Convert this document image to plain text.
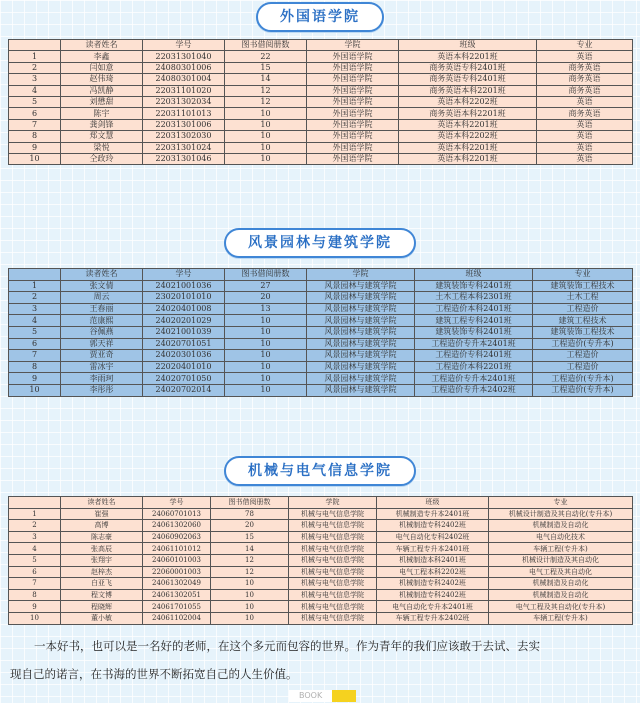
外国语学院
	读者姓名	学号	图书借阅册数	学院	班级	专业
1	李鑫	22031301040	22	外国语学院	英语本科2201班	英语
2	闫如意	24080301006	15	外国语学院	商务英语专科2401班	商务英语
3	赵伟琦	24080301004	14	外国语学院	商务英语专科2401班	商务英语
4	冯凯静	22031101020	12	外国语学院	商务英语本科2201班	商务英语
5	刘懋甜	22031302034	12	外国语学院	英语本科2202班	英语
6	陈宇	22031101013	10	外国语学院	商务英语本科2201班	商务英语
7	龚剑锋	22031301006	10	外国语学院	英语本科2201班	英语
8	郑文慧	22031302030	10	外国语学院	英语本科2202班	英语
9	梁悦	22031301024	10	外国语学院	英语本科2201班	英语
10	仝政玲	22031301046	10	外国语学院	英语本科2201班	英语
风景园林与建筑学院
	读者姓名	学号	图书借阅册数	学院	班级	专业
1	张文倩	24021001036	27	风景园林与建筑学院	建筑装饰专科2401班	建筑装饰工程技术
2	周云	23020101010	20	风景园林与建筑学院	土木工程本科2301班	土木工程
3	王春丽	24020401008	13	风景园林与建筑学院	工程造价本科2401班	工程造价
4	范康熙	24020201029	10	风景园林与建筑学院	建筑工程专科2401班	建筑工程技术
5	谷佩燕	24021001039	10	风景园林与建筑学院	建筑装饰专科2401班	建筑装饰工程技术
6	郭天祥	24020701051	10	风景园林与建筑学院	工程造价专升本2401班	工程造价(专升本)
7	贾亚奇	24020301036	10	风景园林与建筑学院	工程造价专科2401班	工程造价
8	雷冰宇	22020401010	10	风景园林与建筑学院	工程造价本科2201班	工程造价
9	李雨珂	24020701050	10	风景园林与建筑学院	工程造价专升本2401班	工程造价(专升本)
10	李彤彤	24020702014	10	风景园林与建筑学院	工程造价专升本2402班	工程造价(专升本)
机械与电气信息学院
	读者姓名	学号	图书借阅册数	学院	班级	专业
1	崔强	24060701013	78	机械与电气信息学院	机械制造专升本2401班	机械设计制造及其自动化(专升本)
2	高博	24061302060	20	机械与电气信息学院	机械制造专科2402班	机械制造及自动化
3	陈志豪	24060902063	15	机械与电气信息学院	电气自动化专科2402班	电气自动化技术
4	张高辰	24061101012	14	机械与电气信息学院	车辆工程专升本2401班	车辆工程(专升本)
5	张翔宇	24060101003	12	机械与电气信息学院	机械制造本科2401班	机械设计制造及其自动化
6	赵梓杰	22060001003	12	机械与电气信息学院	电气工程本科2202班	电气工程及其自动化
7	白亚飞	24061302049	10	机械与电气信息学院	机械制造专科2402班	机械制造及自动化
8	程文博	24061302051	10	机械与电气信息学院	机械制造专科2402班	机械制造及自动化
9	程晓辉	24061701055	10	机械与电气信息学院	电气自动化专升本2401班	电气工程及其自动化(专升本)
10	董小敏	24061102004	10	机械与电气信息学院	车辆工程专升本2402班	车辆工程(专升本)
一本好书，也可以是一名好的老师，在这个多元而包容的世界。作为青年的我们应该敢于去试、去实
现自己的诺言，在书海的世界不断拓宽自己的人生价值。
BOOK
